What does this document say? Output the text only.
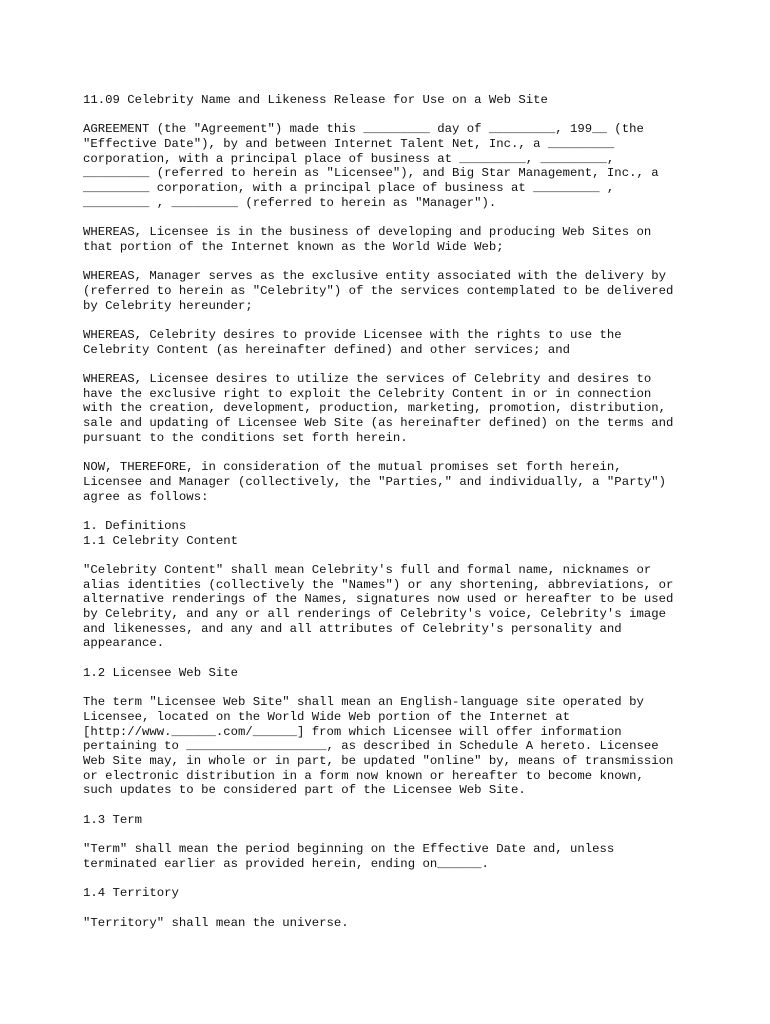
11.09 Celebrity Name and Likeness Release for Use on a Web Site
AGREEMENT (the "Agreement") made this _________ day of _________, 199__ (the
"Effective Date"), by and between Internet Talent Net, Inc., a _________
corporation, with a principal place of business at _________, _________,
_________ (referred to herein as "Licensee"), and Big Star Management, Inc., a
_________ corporation, with a principal place of business at _________ ,
_________ , _________ (referred to herein as "Manager").
WHEREAS, Licensee is in the business of developing and producing Web Sites on
that portion of the Internet known as the World Wide Web;
WHEREAS, Manager serves as the exclusive entity associated with the delivery by
(referred to herein as "Celebrity") of the services contemplated to be delivered
by Celebrity hereunder;
WHEREAS, Celebrity desires to provide Licensee with the rights to use the
Celebrity Content (as hereinafter defined) and other services; and
WHEREAS, Licensee desires to utilize the services of Celebrity and desires to
have the exclusive right to exploit the Celebrity Content in or in connection
with the creation, development, production, marketing, promotion, distribution,
sale and updating of Licensee Web Site (as hereinafter defined) on the terms and
pursuant to the conditions set forth herein.
NOW, THEREFORE, in consideration of the mutual promises set forth herein,
Licensee and Manager (collectively, the "Parties," and individually, a "Party")
agree as follows:
1. Definitions
1.1 Celebrity Content
"Celebrity Content" shall mean Celebrity's full and formal name, nicknames or
alias identities (collectively the "Names") or any shortening, abbreviations, or
alternative renderings of the Names, signatures now used or hereafter to be used
by Celebrity, and any or all renderings of Celebrity's voice, Celebrity's image
and likenesses, and any and all attributes of Celebrity's personality and
appearance.
1.2 Licensee Web Site
The term "Licensee Web Site" shall mean an English-language site operated by
Licensee, located on the World Wide Web portion of the Internet at
[http://www.______.com/______] from which Licensee will offer information
pertaining to ___________________, as described in Schedule A hereto. Licensee
Web Site may, in whole or in part, be updated "online" by, means of transmission
or electronic distribution in a form now known or hereafter to become known,
such updates to be considered part of the Licensee Web Site.
1.3 Term
"Term" shall mean the period beginning on the Effective Date and, unless
terminated earlier as provided herein, ending on______.
1.4 Territory
"Territory" shall mean the universe.
